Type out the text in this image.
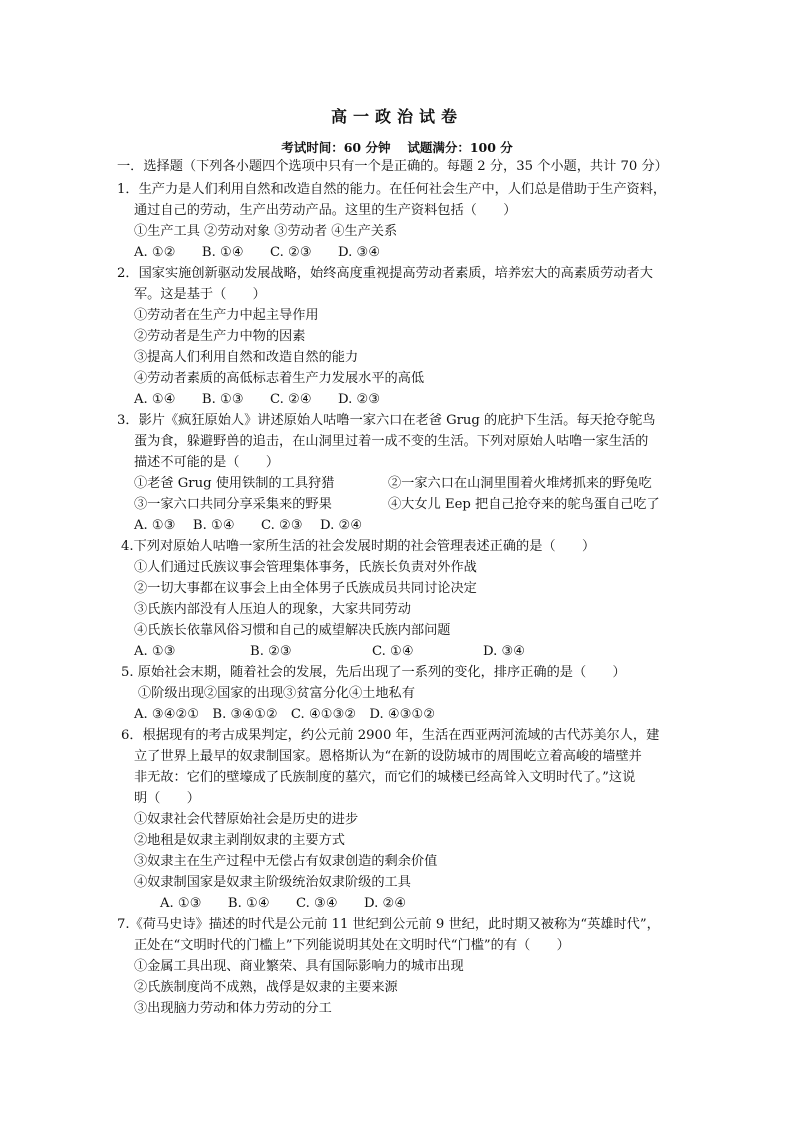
高一政治试卷
考试时间：60 分钟　 试题满分：100 分
一．选择题（下列各小题四个选项中只有一个是正确的。每题 2 分，35 个小题，共计 70 分）
1．生产力是人们利用自然和改造自然的能力。在任何社会生产中，人们总是借助于生产资料，
通过自己的劳动，生产出劳动产品。这里的生产资料包括（　　）
①生产工具 ②劳动对象 ③劳动者 ④生产关系
A. ①②　　B. ①④　　C. ②③　　D. ③④
2．国家实施创新驱动发展战略，始终高度重视提高劳动者素质，培养宏大的高素质劳动者大
军。这是基于（　　）
①劳动者在生产力中起主导作用
②劳动者是生产力中物的因素
③提高人们利用自然和改造自然的能力
④劳动者素质的高低标志着生产力发展水平的高低
A. ①④　　B. ①③　　C. ②④　　D. ②③
3．影片《疯狂原始人》讲述原始人咕噜一家六口在老爸 Grug 的庇护下生活。每天抢夺鸵鸟
蛋为食，躲避野兽的追击，在山洞里过着一成不变的生活。下列对原始人咕噜一家生活的
描述不可能的是（　　）
①老爸 Grug 使用铁制的工具狩猎	②一家六口在山洞里围着火堆烤抓来的野兔吃
③一家六口共同分享采集来的野果	④大女儿 Eep 把自己抢夺来的鸵鸟蛋自己吃了
A. ①③　 B. ①④　　C. ②③　 D. ②④
4.下列对原始人咕噜一家所生活的社会发展时期的社会管理表述正确的是（　　）
①人们通过氏族议事会管理集体事务，氏族长负责对外作战
②一切大事都在议事会上由全体男子氏族成员共同讨论决定
③氏族内部没有人压迫人的现象，大家共同劳动
④氏族长依靠风俗习惯和自己的威望解决氏族内部问题
A. ①③	B. ②③	C. ①④	D. ③④
5. 原始社会末期，随着社会的发展，先后出现了一系列的变化，排序正确的是（　　）
①阶级出现②国家的出现③贫富分化④土地私有
A. ③④②①　B. ③④①②　C. ④①③②　D. ④③①②
6．根据现有的考古成果判定，约公元前 2900 年，生活在西亚两河流域的古代苏美尔人，建
立了世界上最早的奴隶制国家。恩格斯认为“在新的设防城市的周围屹立着高峻的墙壁并
非无故：它们的壁壕成了氏族制度的墓穴，而它们的城楼已经高耸入文明时代了。”这说
明（　　）
①奴隶社会代替原始社会是历史的进步
②地租是奴隶主剥削奴隶的主要方式
③奴隶主在生产过程中无偿占有奴隶创造的剩余价值
④奴隶制国家是奴隶主阶级统治奴隶阶级的工具
A. ①③　　B. ①④　　C. ③④　　D. ②④
7.《荷马史诗》描述的时代是公元前 11 世纪到公元前 9 世纪，此时期又被称为“英雄时代”，
正处在“文明时代的门槛上”下列能说明其处在文明时代“门槛”的有（　　）
①金属工具出现、商业繁荣、具有国际影响力的城市出现
②氏族制度尚不成熟，战俘是奴隶的主要来源
③出现脑力劳动和体力劳动的分工
